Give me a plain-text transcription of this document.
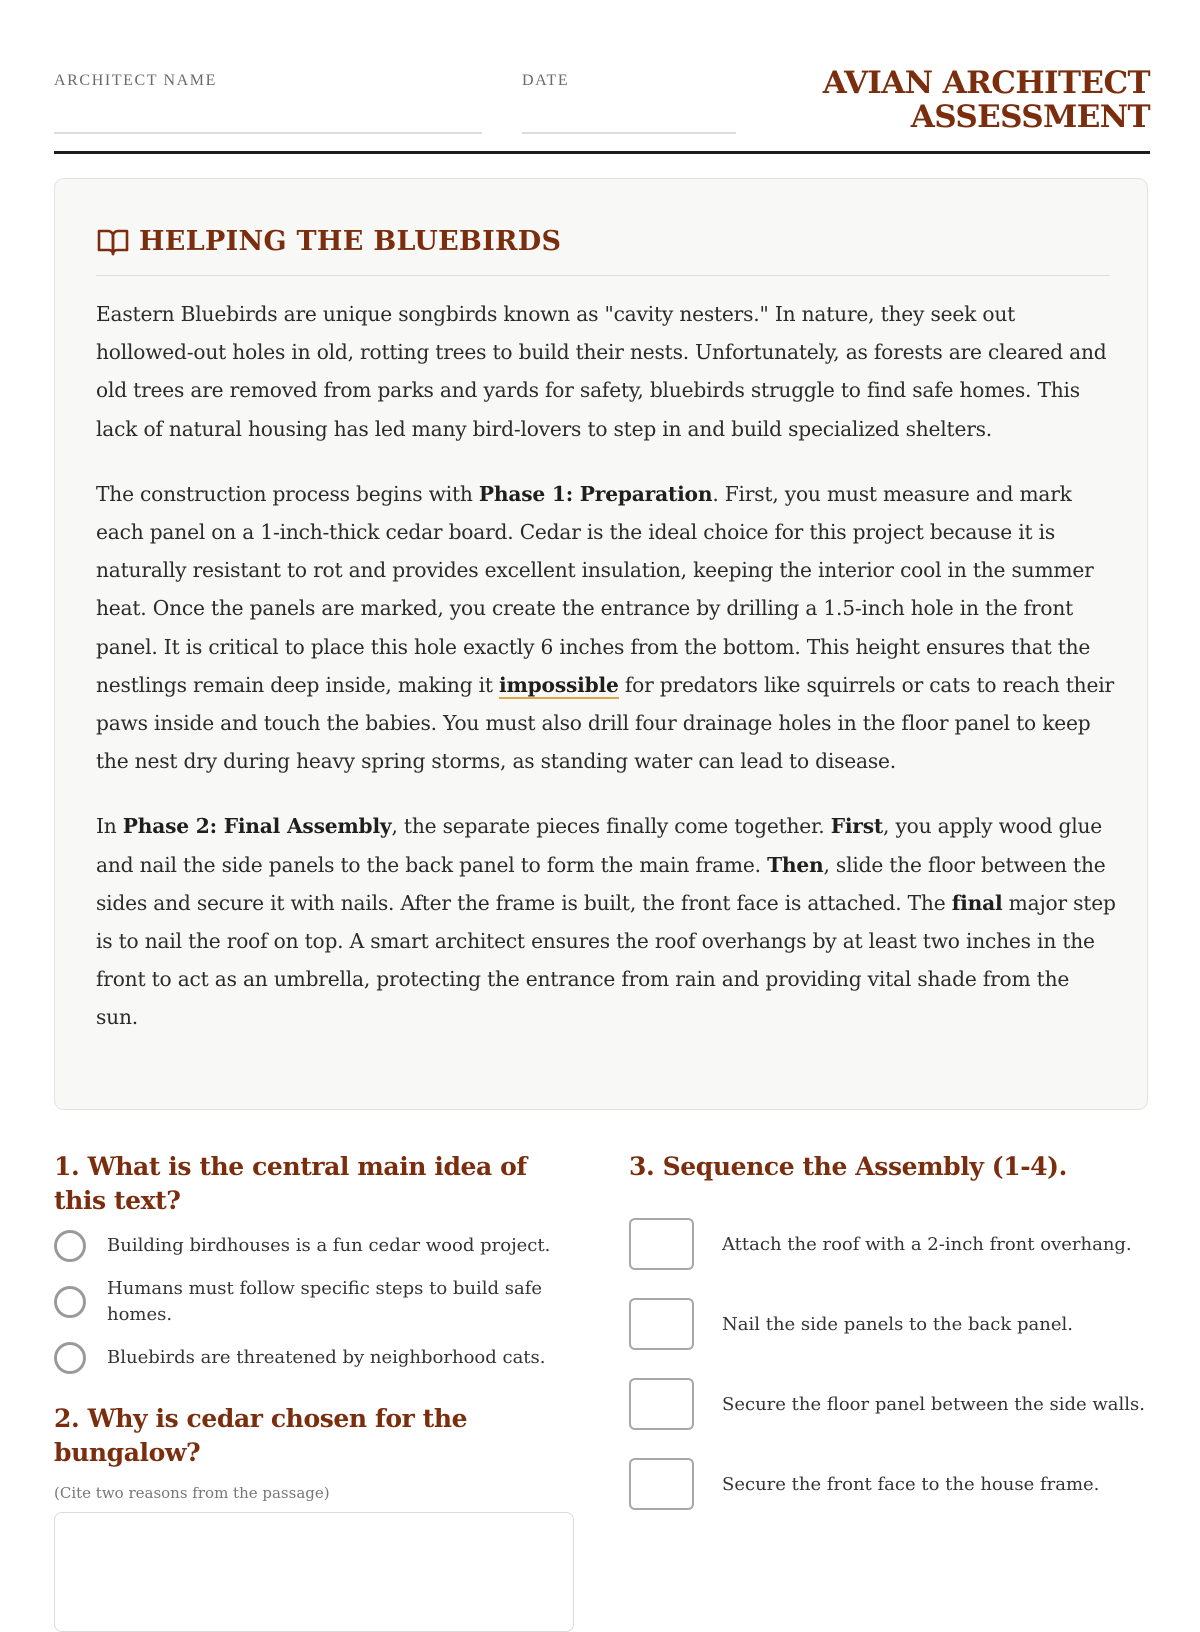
ARCHITECT NAME	DATE	AVIAN ARCHITECT
ASSESSMENT
HELPING THE BLUEBIRDS

Eastern Bluebirds are unique songbirds known as "cavity nesters." In nature, they seek out hollowed-out holes in old, rotting trees to build their nests. Unfortunately, as forests are cleared and old trees are removed from parks and yards for safety, bluebirds struggle to find safe homes. This lack of natural housing has led many bird-lovers to step in and build specialized shelters.

The construction process begins with Phase 1: Preparation. First, you must measure and mark each panel on a 1-inch-thick cedar board. Cedar is the ideal choice for this project because it is naturally resistant to rot and provides excellent insulation, keeping the interior cool in the summer heat. Once the panels are marked, you create the entrance by drilling a 1.5-inch hole in the front panel. It is critical to place this hole exactly 6 inches from the bottom. This height ensures that the nestlings remain deep inside, making it impossible for predators like squirrels or cats to reach their paws inside and touch the babies. You must also drill four drainage holes in the floor panel to keep the nest dry during heavy spring storms, as standing water can lead to disease.

In Phase 2: Final Assembly, the separate pieces finally come together. First, you apply wood glue and nail the side panels to the back panel to form the main frame. Then, slide the floor between the sides and secure it with nails. After the frame is built, the front face is attached. The final major step is to nail the roof on top. A smart architect ensures the roof overhangs by at least two inches in the front to act as an umbrella, protecting the entrance from rain and providing vital shade from the sun.

1. What is the central main idea of this text?
Building birdhouses is a fun cedar wood project.
Humans must follow specific steps to build safe homes.
Bluebirds are threatened by neighborhood cats.
2. Why is cedar chosen for the bungalow?
(Cite two reasons from the passage)
3. Sequence the Assembly (1-4).
Attach the roof with a 2-inch front overhang.
Nail the side panels to the back panel.
Secure the floor panel between the side walls.
Secure the front face to the house frame.
